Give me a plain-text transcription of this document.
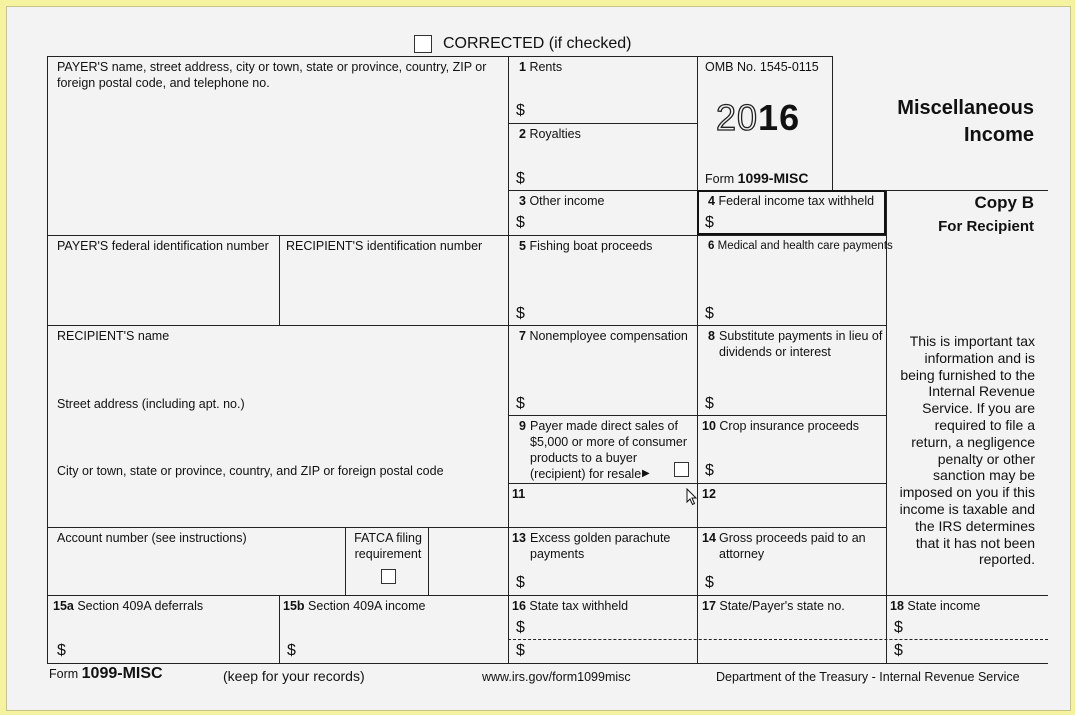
CORRECTED (if checked)
PAYER'S name, street address, city or town, state or province, country, ZIP or foreign postal code, and telephone no.
PAYER'S federal identification number RECIPIENT'S identification number
RECIPIENT'S name
Street address (including apt. no.)
City or town, state or province, country, and ZIP or foreign postal code
Account number (see instructions)	FATCA filing requirement
1 Rents
$
2 Royalties
$
3 Other income
$
4 Federal income tax withheld
$
5 Fishing boat proceeds
$
6 Medical and health care payments
$
7 Nonemployee compensation
$
8 Substitute payments in lieu of dividends or interest
$
9 Payer made direct sales of $5,000 or more of consumer products to a buyer (recipient) for resale ▶
10 Crop insurance proceeds
$
11	12
13 Excess golden parachute payments
$
14 Gross proceeds paid to an attorney
$
15a Section 409A deferrals
$
15b Section 409A income
$
16 State tax withheld
$
$
17 State/Payer's state no.	18 State income
$
$
OMB No. 1545-0115
2016
Form 1099-MISC
Miscellaneous
Income
Copy B
For Recipient
This is important tax information and is being furnished to the Internal Revenue Service. If you are required to file a return, a negligence penalty or other sanction may be imposed on you if this income is taxable and the IRS determines that it has not been reported.
Form 1099-MISC	(keep for your records)	www.irs.gov/form1099misc	Department of the Treasury - Internal Revenue Service
